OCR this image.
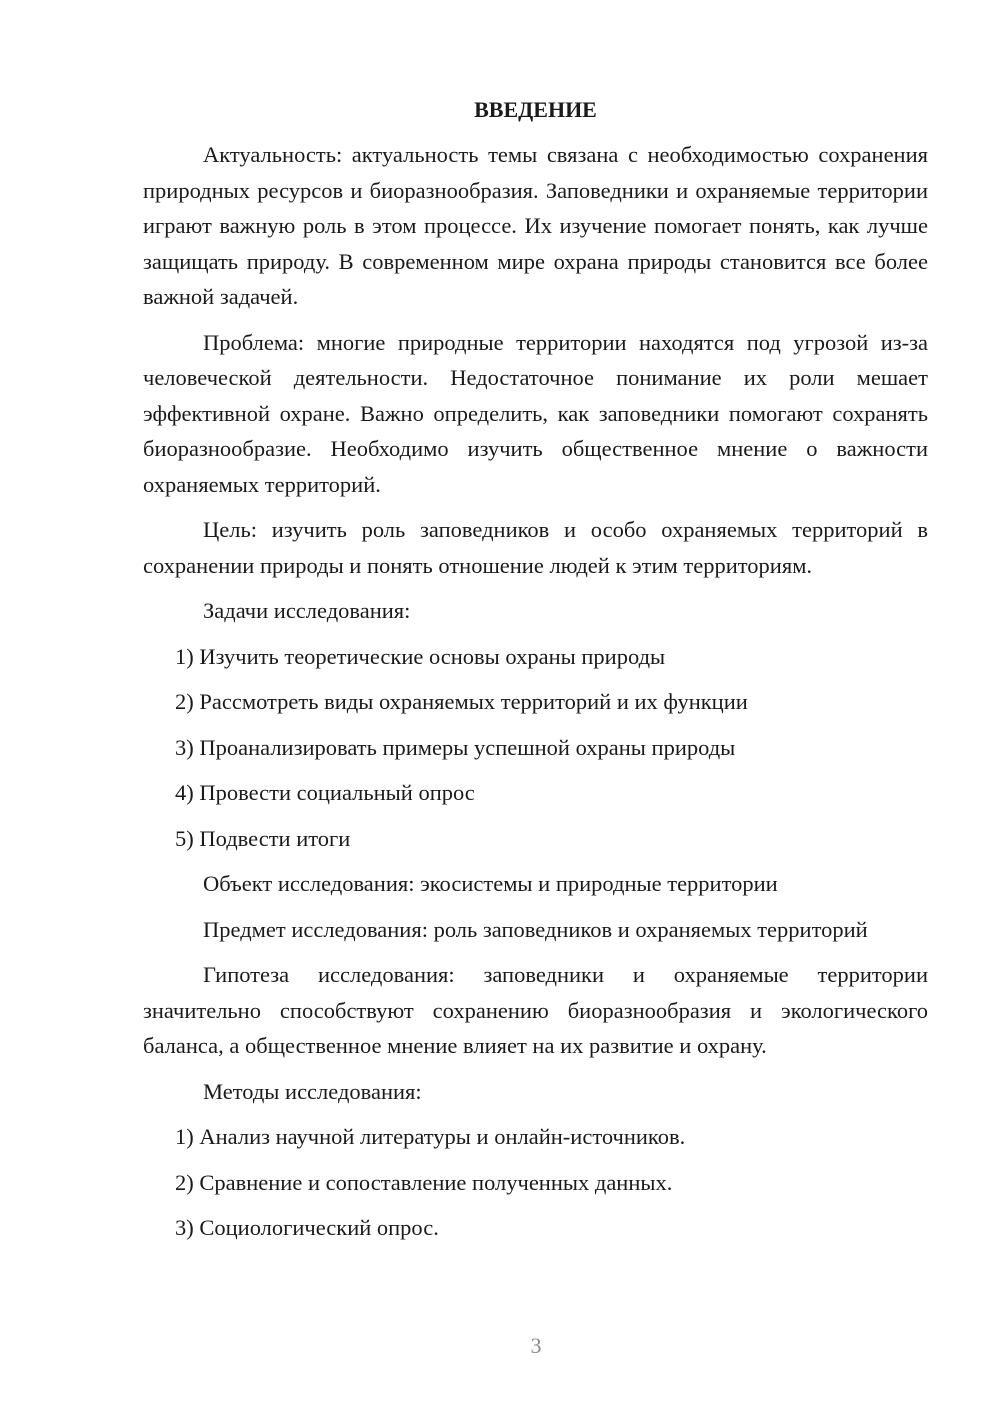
ВВЕДЕНИЕ
Актуальность: актуальность темы связана с необходимостью сохранения природных ресурсов и биоразнообразия. Заповедники и охраняемые территории играют важную роль в этом процессе. Их изучение помогает понять, как лучше защищать природу. В современном мире охрана природы становится все более важной задачей.
Проблема: многие природные территории находятся под угрозой из-за человеческой деятельности. Недостаточное понимание их роли мешает эффективной охране. Важно определить, как заповедники помогают сохранять биоразнообразие. Необходимо изучить общественное мнение о важности охраняемых территорий.
Цель: изучить роль заповедников и особо охраняемых территорий в сохранении природы и понять отношение людей к этим территориям.
Задачи исследования:
1) Изучить теоретические основы охраны природы
2) Рассмотреть виды охраняемых территорий и их функции
3) Проанализировать примеры успешной охраны природы
4) Провести социальный опрос
5) Подвести итоги
Объект исследования: экосистемы и природные территории
Предмет исследования: роль заповедников и охраняемых территорий
Гипотеза исследования: заповедники и охраняемые территории значительно способствуют сохранению биоразнообразия и экологического баланса, а общественное мнение влияет на их развитие и охрану.
Методы исследования:
1) Анализ научной литературы и онлайн-источников.
2) Сравнение и сопоставление полученных данных.
3) Социологический опрос.
3
